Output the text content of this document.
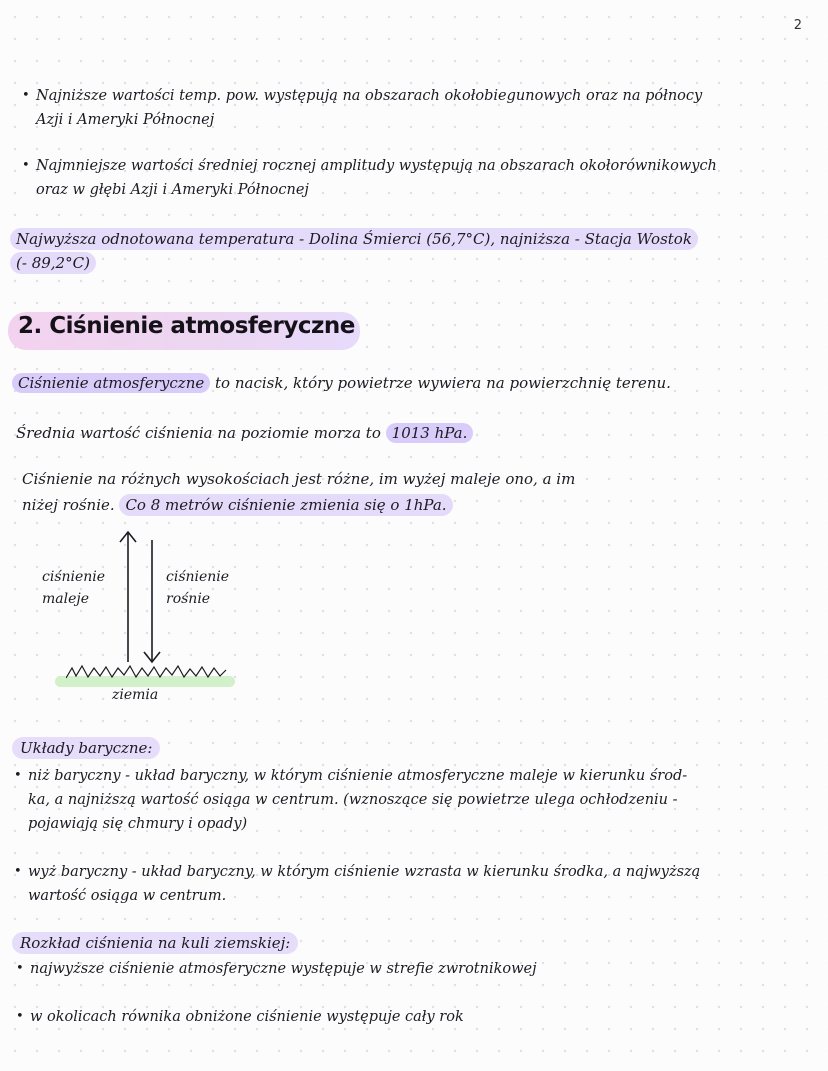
2
• Najniższe wartości temp. pow. występują na obszarach okołobiegunowych oraz na północy
Azji i Ameryki Północnej
• Najmniejsze wartości średniej rocznej amplitudy występują na obszarach okołorównikowych
oraz w głębi Azji i Ameryki Północnej
Najwyższa odnotowana temperatura - Dolina Śmierci (56,7°C), najniższa - Stacja Wostok
(- 89,2°C)
2. Ciśnienie atmosferyczne
Ciśnienie atmosferyczne to nacisk, który powietrze wywiera na powierzchnię terenu.
Średnia wartość ciśnienia na poziomie morza to 1013 hPa.
Ciśnienie na różnych wysokościach jest różne, im wyżej maleje ono, a im
niżej rośnie. Co 8 metrów ciśnienie zmienia się o 1hPa.
ciśnienie
maleje
ciśnienie
rośnie
ziemia
Układy baryczne:
• niż baryczny - układ baryczny, w którym ciśnienie atmosferyczne maleje w kierunku środ-
ka, a najniższą wartość osiąga w centrum. (wznoszące się powietrze ulega ochłodzeniu -
pojawiają się chmury i opady)
• wyż baryczny - układ baryczny, w którym ciśnienie wzrasta w kierunku środka, a najwyższą
wartość osiąga w centrum.
Rozkład ciśnienia na kuli ziemskiej:
• najwyższe ciśnienie atmosferyczne występuje w strefie zwrotnikowej
• w okolicach równika obniżone ciśnienie występuje cały rok
